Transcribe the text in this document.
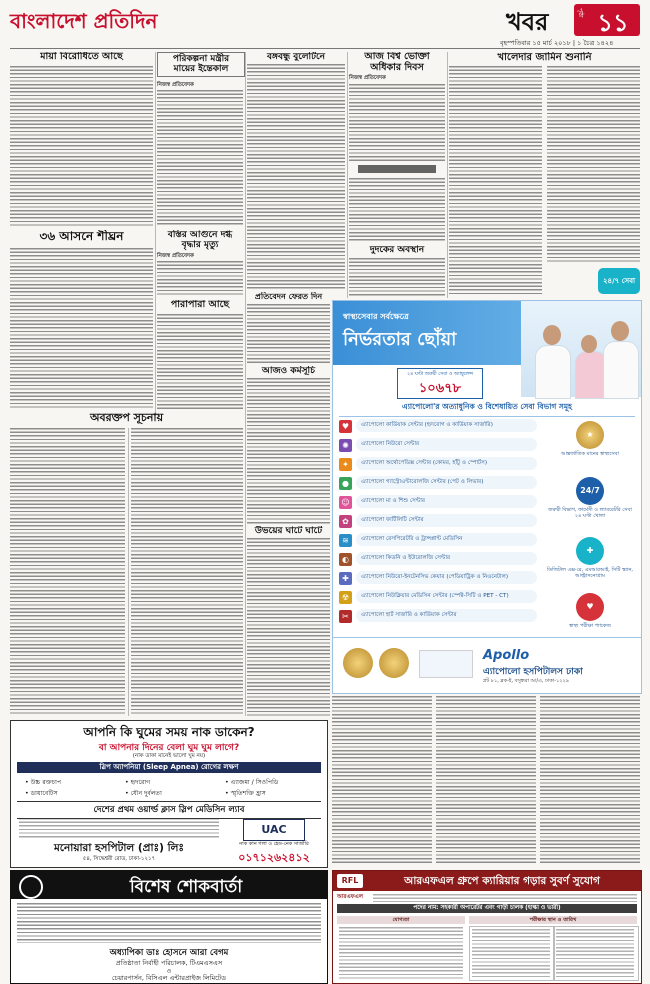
বাংলাদেশ প্রতিদিন	খবর	পৃষ্ঠা ১১
বৃহস্পতিবার ১৫ মার্চ ২০১৮ | ১ চৈত্র ১৪২৪
মায়া বিরোধিতে আছে
৩৬ আসনে শীঘ্রন
অবরক্তপ সূচনায়
পরিকল্পনা মন্ত্রীর
মায়ের ইন্তেকাল
নিজস্ব প্রতিবেদক
বস্তির আগুনে দগ্ধ
বৃদ্ধার মৃত্যু
নিজস্ব প্রতিবেদক
পারাপারা আছে
বঙ্গবন্ধু বুলেটিনে
প্রতিবেদন ফেরত দিন
আজও কর্মসূচি
উভয়ের ঘাটে ঘাটে
আজ বিশ্ব ভোক্তা
অধিকার দিবস
নিজস্ব প্রতিবেদক
দুদকের অবস্থান
খালেদার জামিন শুনানি
২৪/৭ সেবা
স্বাস্থ্যসেবার সর্বক্ষেত্রে
নির্ভরতার ছোঁয়া
২৪ ঘণ্টা জরুরী সেবা ও অ্যাম্বুলেন্স
১০৬৭৮
এ্যাপোলো'র অত্যাধুনিক ও বিশেষায়িত সেবা বিভাগ সমূহ
♥	এ্যাপোলো কার্ডিয়াক সেন্টার (হৃদরোগ ও কার্ডিয়াক সার্জারি)
✺	এ্যাপোলো নিউরো সেন্টার
✦	এ্যাপোলো অর্থোপেডিক্স সেন্টার (কোমর, হাঁটু ও স্পোর্টস)
●	এ্যাপোলো গ্যাস্ট্রোএন্টারোলজি সেন্টার (পেট ও লিভার)
☺	এ্যাপোলো মা ও শিশু সেন্টার
✿	এ্যাপোলো ফার্টিলিটি সেন্টার
≋	এ্যাপোলো রেসপিরেটরি ও ট্রান্সপ্লান্ট মেডিসিন
◐	এ্যাপোলো কিডনি ও ইউরোলজি সেন্টার
✚	এ্যাপোলো নিউরো-ইনটেনসিভ কেয়ার (পেডিয়াট্রিক ও নিওনেটাল)
☢	এ্যাপোলো নিউক্লিয়ার মেডিসিন সেন্টার (স্পেক্ট-সিটি ও PET - CT)
✂	এ্যাপোলো হার্ট সার্জারি ও কার্ডিয়াক সেন্টার
★
আন্তর্জাতিক মানের স্বাস্থ্যসেবা
24/7
জরুরী বিভাগ, ফার্মেসী ও ল্যাবরেটরি সেবা ২৪ ঘণ্টা খোলা
✚
ডিজিটাল এক্স-রে, এমআরআই, সিটি স্ক্যান, আল্ট্রাসনোগ্রাম
♥
স্বাস্থ্য পরীক্ষা প্যাকেজ
Apollo
এ্যাপোলো হসপিটালস ঢাকা
প্লট ৮১, ব্লক-ই, বসুন্ধরা আ/এ, ঢাকা-১২২৯
আপনি কি ঘুমের সময় নাক ডাকেন?
বা আপনার দিনের বেলা ঘুম ঘুম লাগে?
(নাক ডাকা মানেই ভালো ঘুম নয়)
স্লিপ অ্যাপনিয়া (Sleep Apnea) রোগের লক্ষণ
• উচ্চ রক্তচাপ	• হৃদরোগ	• এ্যাজমা / সিওপিডি
• ডায়াবেটিস	• যৌন দুর্বলতা	• স্মৃতিশক্তি হ্রাস
দেশের প্রথম ওয়ার্ল্ড ক্লাস স্লিপ মেডিসিন ল্যাব
মনোয়ারা হসপিটাল (প্রাঃ) লিঃ
৫৪, সিদ্ধেশ্বরী রোড, ঢাকা-১২১৭
UAC
নাক কান গলা ও হেড-নেক সার্জারি
০১৭১২৬২৪১২
বিশেষ শোকবার্তা
অধ্যাপিকা ডাঃ হোসনে আরা বেগম
প্রতিষ্ঠাতা নির্বাহী পরিচালক, টিএমএসএস
ও
চেয়ারপার্সন, বিসিএল এন্টারপ্রাইজ লিমিটেড
RFL	আরএফএল গ্রুপে ক্যারিয়ার গড়ার সুবর্ণ সুযোগ
আরএফএল
পদের নাম: সহকারী অপারেটর এবং গাড়ী চালক (হাল্কা ও ভারী)
যোগ্যতা	পরীক্ষার স্থান ও তারিখ
